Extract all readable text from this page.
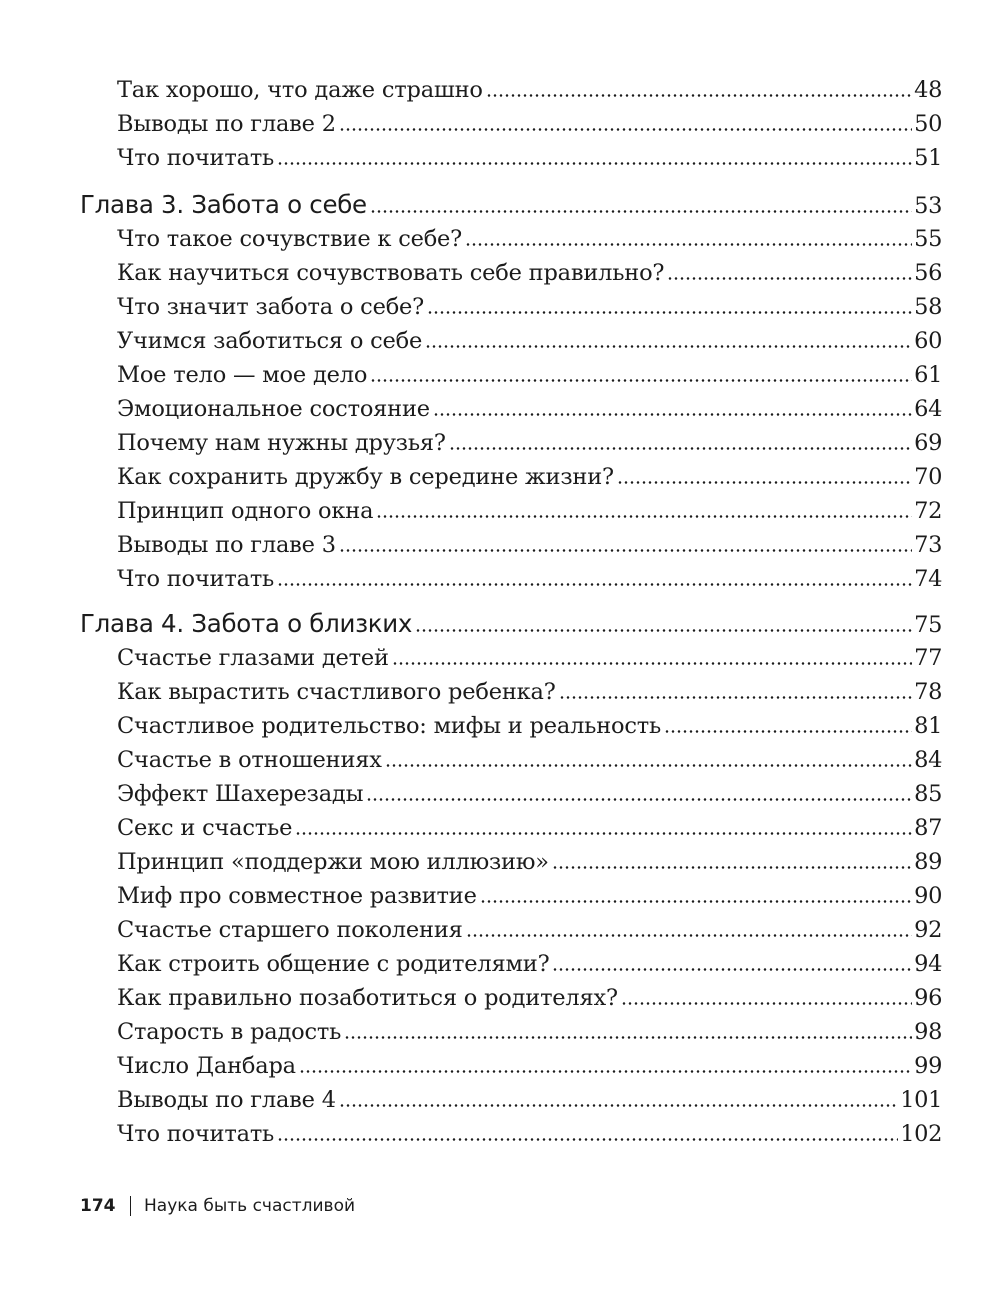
Так хорошо, что даже страшно	48
Выводы по главе 2	50
Что почитать	51
Глава 3. Забота о себе	53
Что такое сочувствие к себе?	55
Как научиться сочувствовать себе правильно?	56
Что значит забота о себе?	58
Учимся заботиться о себе	60
Мое тело — мое дело	61
Эмоциональное состояние	64
Почему нам нужны друзья?	69
Как сохранить дружбу в середине жизни?	70
Принцип одного окна	72
Выводы по главе 3	73
Что почитать	74
Глава 4. Забота о близких	75
Счастье глазами детей	77
Как вырастить счастливого ребенка?	78
Счастливое родительство: мифы и реальность	81
Счастье в отношениях	84
Эффект Шахерезады	85
Секс и счастье	87
Принцип «поддержи мою иллюзию»	89
Миф про совместное развитие	90
Счастье старшего поколения	92
Как строить общение с родителями?	94
Как правильно позаботиться о родителях?	96
Старость в радость	98
Число Данбара	99
Выводы по главе 4	101
Что почитать	102
174 Наука быть счастливой
